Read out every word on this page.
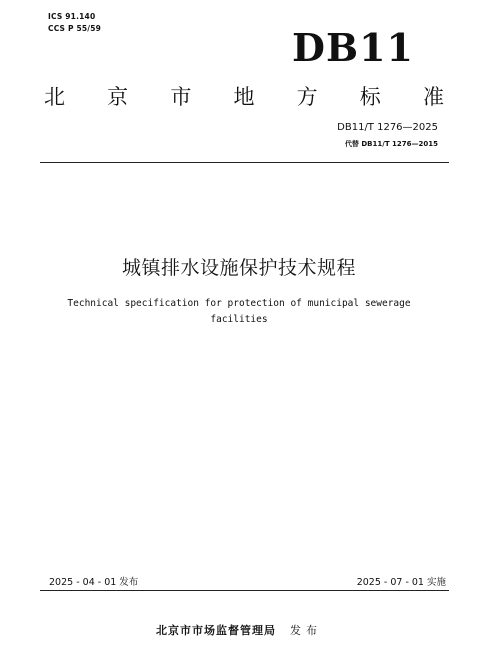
ICS 91.140
CCS P 55/59	DB11
北 京 市 地 方 标 准
DB11/T 1276—2025
代替 DB11/T 1276—2015
城镇排水设施保护技术规程
Technical specification for protection of municipal sewerage
facilities
2025 - 04 - 01 发布	2025 - 07 - 01 实施
北京市市场监督管理局 发布
